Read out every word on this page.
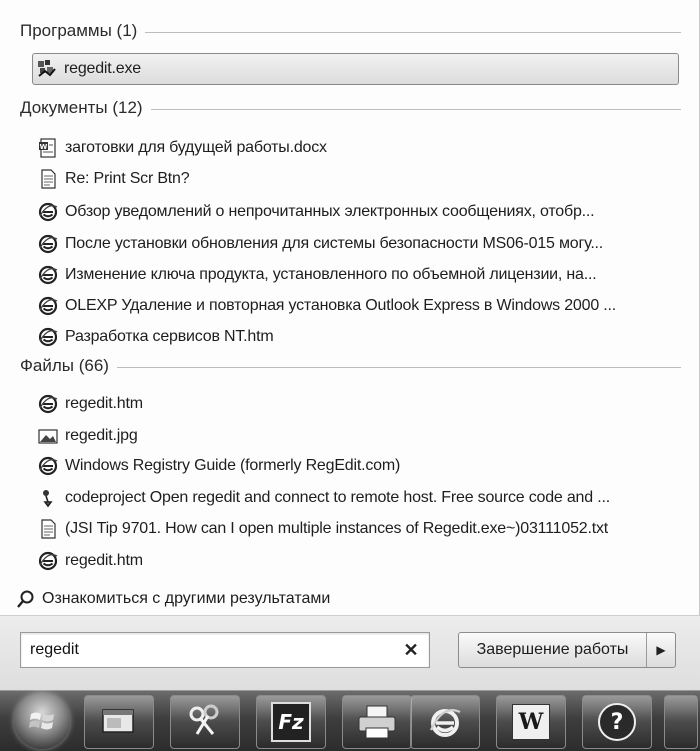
Программы (1)
regedit.exe
Документы (12)
W заготовки для будущей работы.docx
Re: Print Scr Btn?
Обзор уведомлений о непрочитанных электронных сообщениях, отобр...
После установки обновления для системы безопасности MS06-015 могу...
Изменение ключа продукта, установленного по объемной лицензии, на...
OLEXP Удаление и повторная установка Outlook Express в Windows 2000 ...
Разработка сервисов NT.htm
Файлы (66)
regedit.htm
regedit.jpg
Windows Registry Guide (formerly RegEdit.com)
codeproject Open regedit and connect to remote host. Free source code and ...
(JSI Tip 9701. How can I open multiple instances of Regedit.exe~)03111052.txt
regedit.htm
Ознакомиться с другими результатами
regedit
✕	Завершение работы	▶
Fz	W	?
